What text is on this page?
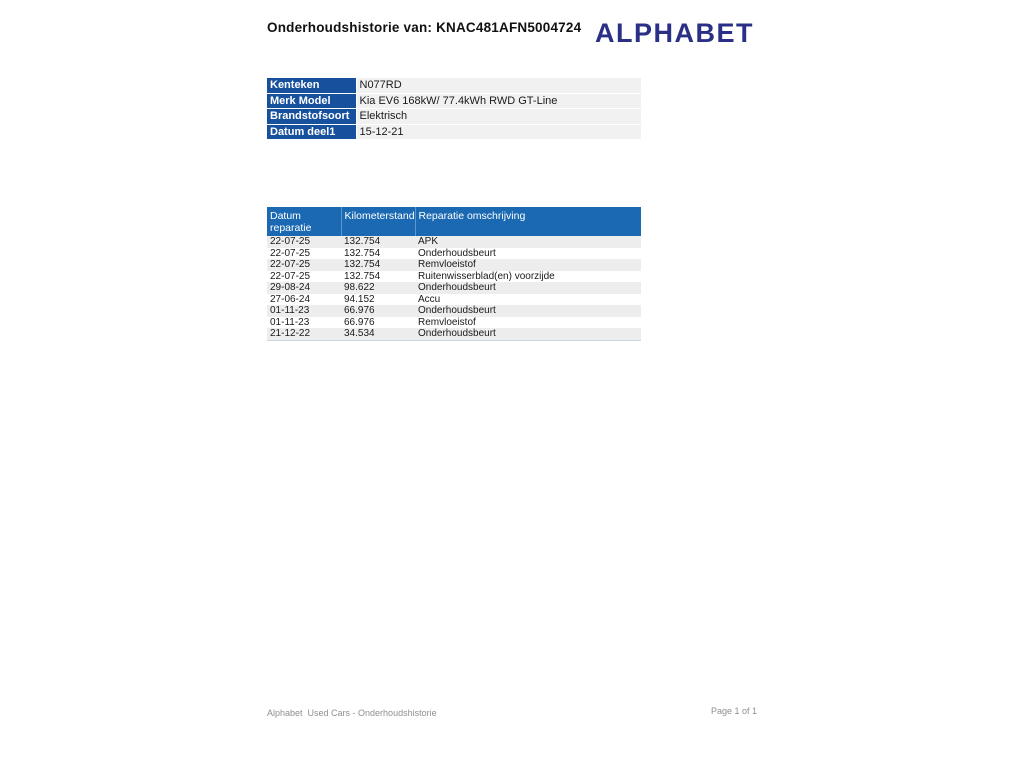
Onderhoudshistorie van: KNAC481AFN5004724 ALPHABET
Kenteken	N077RD
Merk Model	Kia EV6 168kW/ 77.4kWh RWD GT-Line
Brandstofsoort	Elektrisch
Datum deel1	15-12-21
Datum reparatie	Kilometerstand	Reparatie omschrijving
22-07-25	132.754	APK
22-07-25	132.754	Onderhoudsbeurt
22-07-25	132.754	Remvloeistof
22-07-25	132.754	Ruitenwisserblad(en) voorzijde
29-08-24	98.622	Onderhoudsbeurt
27-06-24	94.152	Accu
01-11-23	66.976	Onderhoudsbeurt
01-11-23	66.976	Remvloeistof
21-12-22	34.534	Onderhoudsbeurt
Alphabet  Used Cars - Onderhoudshistorie	Page 1 of 1
